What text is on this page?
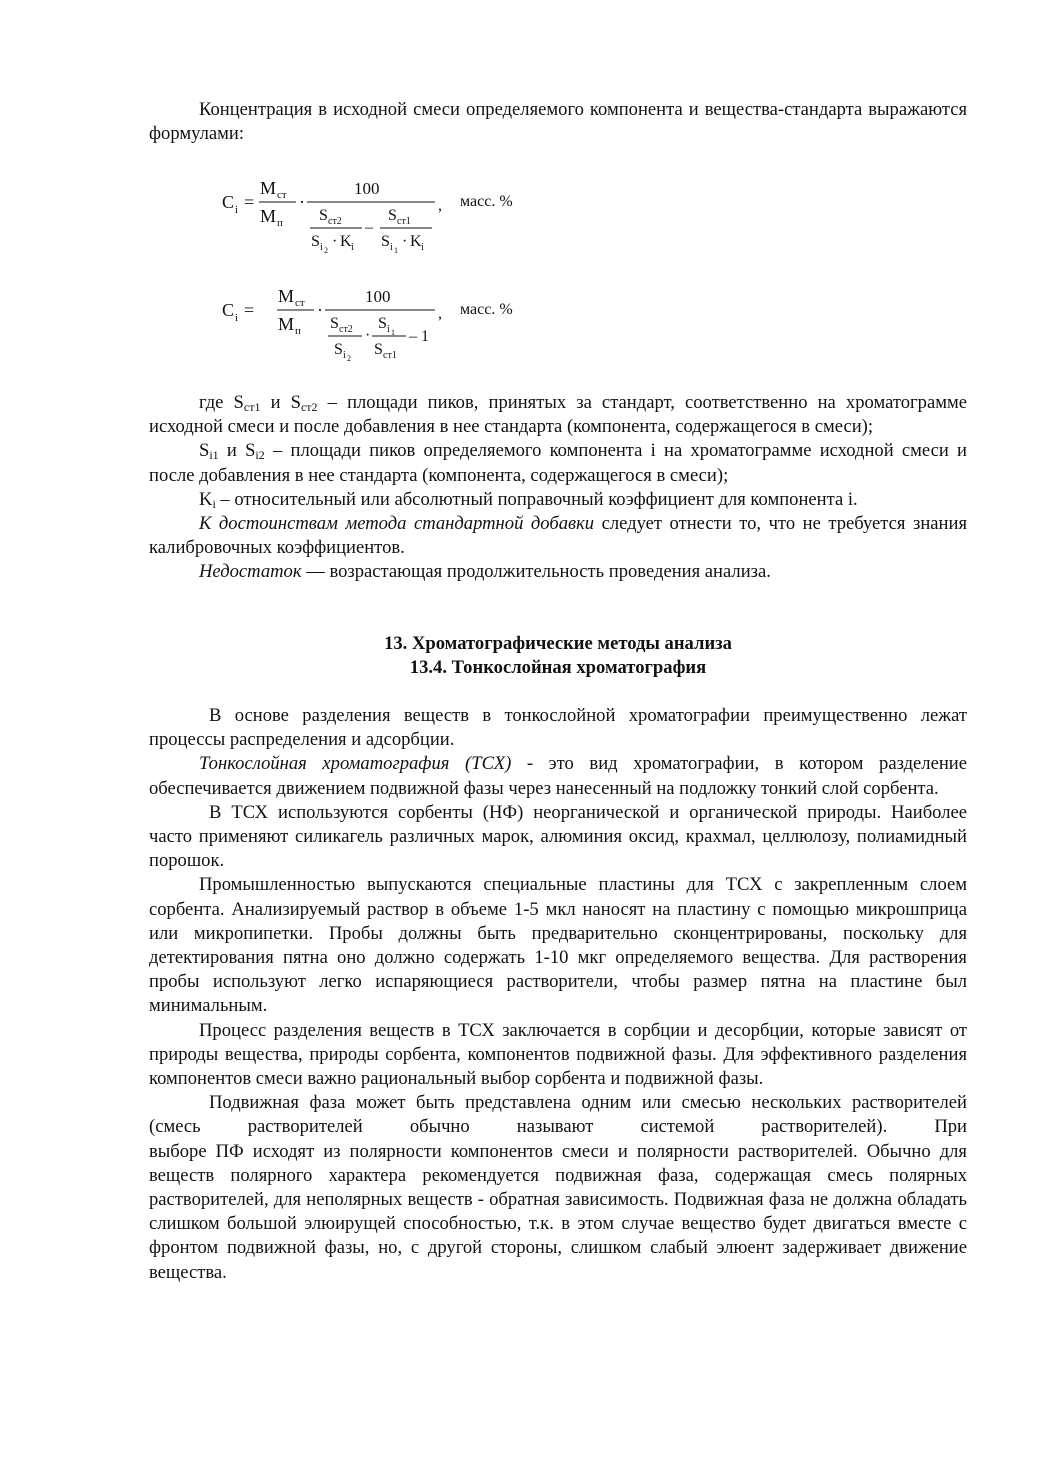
Концентрация в исходной смеси определяемого компонента и вещества-стандарта выражаются формулами:

C i =
M ст
M п
·
100
S ст2
S i 2
· K i
–
S ст1
S i 1
· K i
, масс. %
C i =
M ст
M п
·
100
S ст2
S i 2
·
S i 1
S ст1
– 1
, масс. %

где $S_{ст1}$ и $S_{ст2}$ – площади пиков, принятых за стандарт, соответственно на хроматограмме исходной смеси и после добавления в нее стандарта (компонента, содержащегося в смеси);

$S_{i1}$ и $S_{i2}$ – площади пиков определяемого компонента i на хроматограмме исходной смеси и после добавления в нее стандарта (компонента, содержащегося в смеси);

$K_i$ – относительный или абсолютный поправочный коэффициент для компонента i.

К достоинствам метода стандартной добавки следует отнести то, что не требуется знания калибровочных коэффициентов.

Недостаток — возрастающая продолжительность проведения анализа.

13. Хроматографические методы анализа

13.4. Тонкослойная хроматография

В основе разделения веществ в тонкослойной хроматографии преимущественно лежат процессы распределения и адсорбции.

Тонкослойная хроматография (ТСХ) - это вид хроматографии, в котором разделение обеспечивается движением подвижной фазы через нанесенный на подложку тонкий слой сорбента.

В ТСХ используются сорбенты (НФ) неорганической и органической природы. Наиболее часто применяют силикагель различных марок, алюминия оксид, крахмал, целлюлозу, полиамидный порошок.

Промышленностью выпускаются специальные пластины для ТСХ с закрепленным слоем сорбента. Анализируемый раствор в объеме 1-5 мкл наносят на пластину с помощью микрошприца или микропипетки. Пробы должны быть предварительно сконцентрированы, поскольку для детектирования пятна оно должно содержать 1-10 мкг определяемого вещества. Для растворения пробы используют легко испаряющиеся растворители, чтобы размер пятна на пластине был минимальным.

Процесс разделения веществ в ТСХ заключается в сорбции и десорбции, которые зависят от природы вещества, природы сорбента, компонентов подвижной фазы. Для эффективного разделения компонентов смеси важно рациональный выбор сорбента и подвижной фазы.

Подвижная фаза может быть представлена одним или смесью нескольких растворителей (смесь растворителей обычно называют системой растворителей). При

выборе ПФ исходят из полярности компонентов смеси и полярности растворителей. Обычно для веществ полярного характера рекомендуется подвижная фаза, содержащая смесь полярных растворителей, для неполярных веществ - обратная зависимость. Подвижная фаза не должна обладать слишком большой элюирущей способностью, т.к. в этом случае вещество будет двигаться вместе с фронтом подвижной фазы, но, с другой стороны, слишком слабый элюент задерживает движение вещества.
